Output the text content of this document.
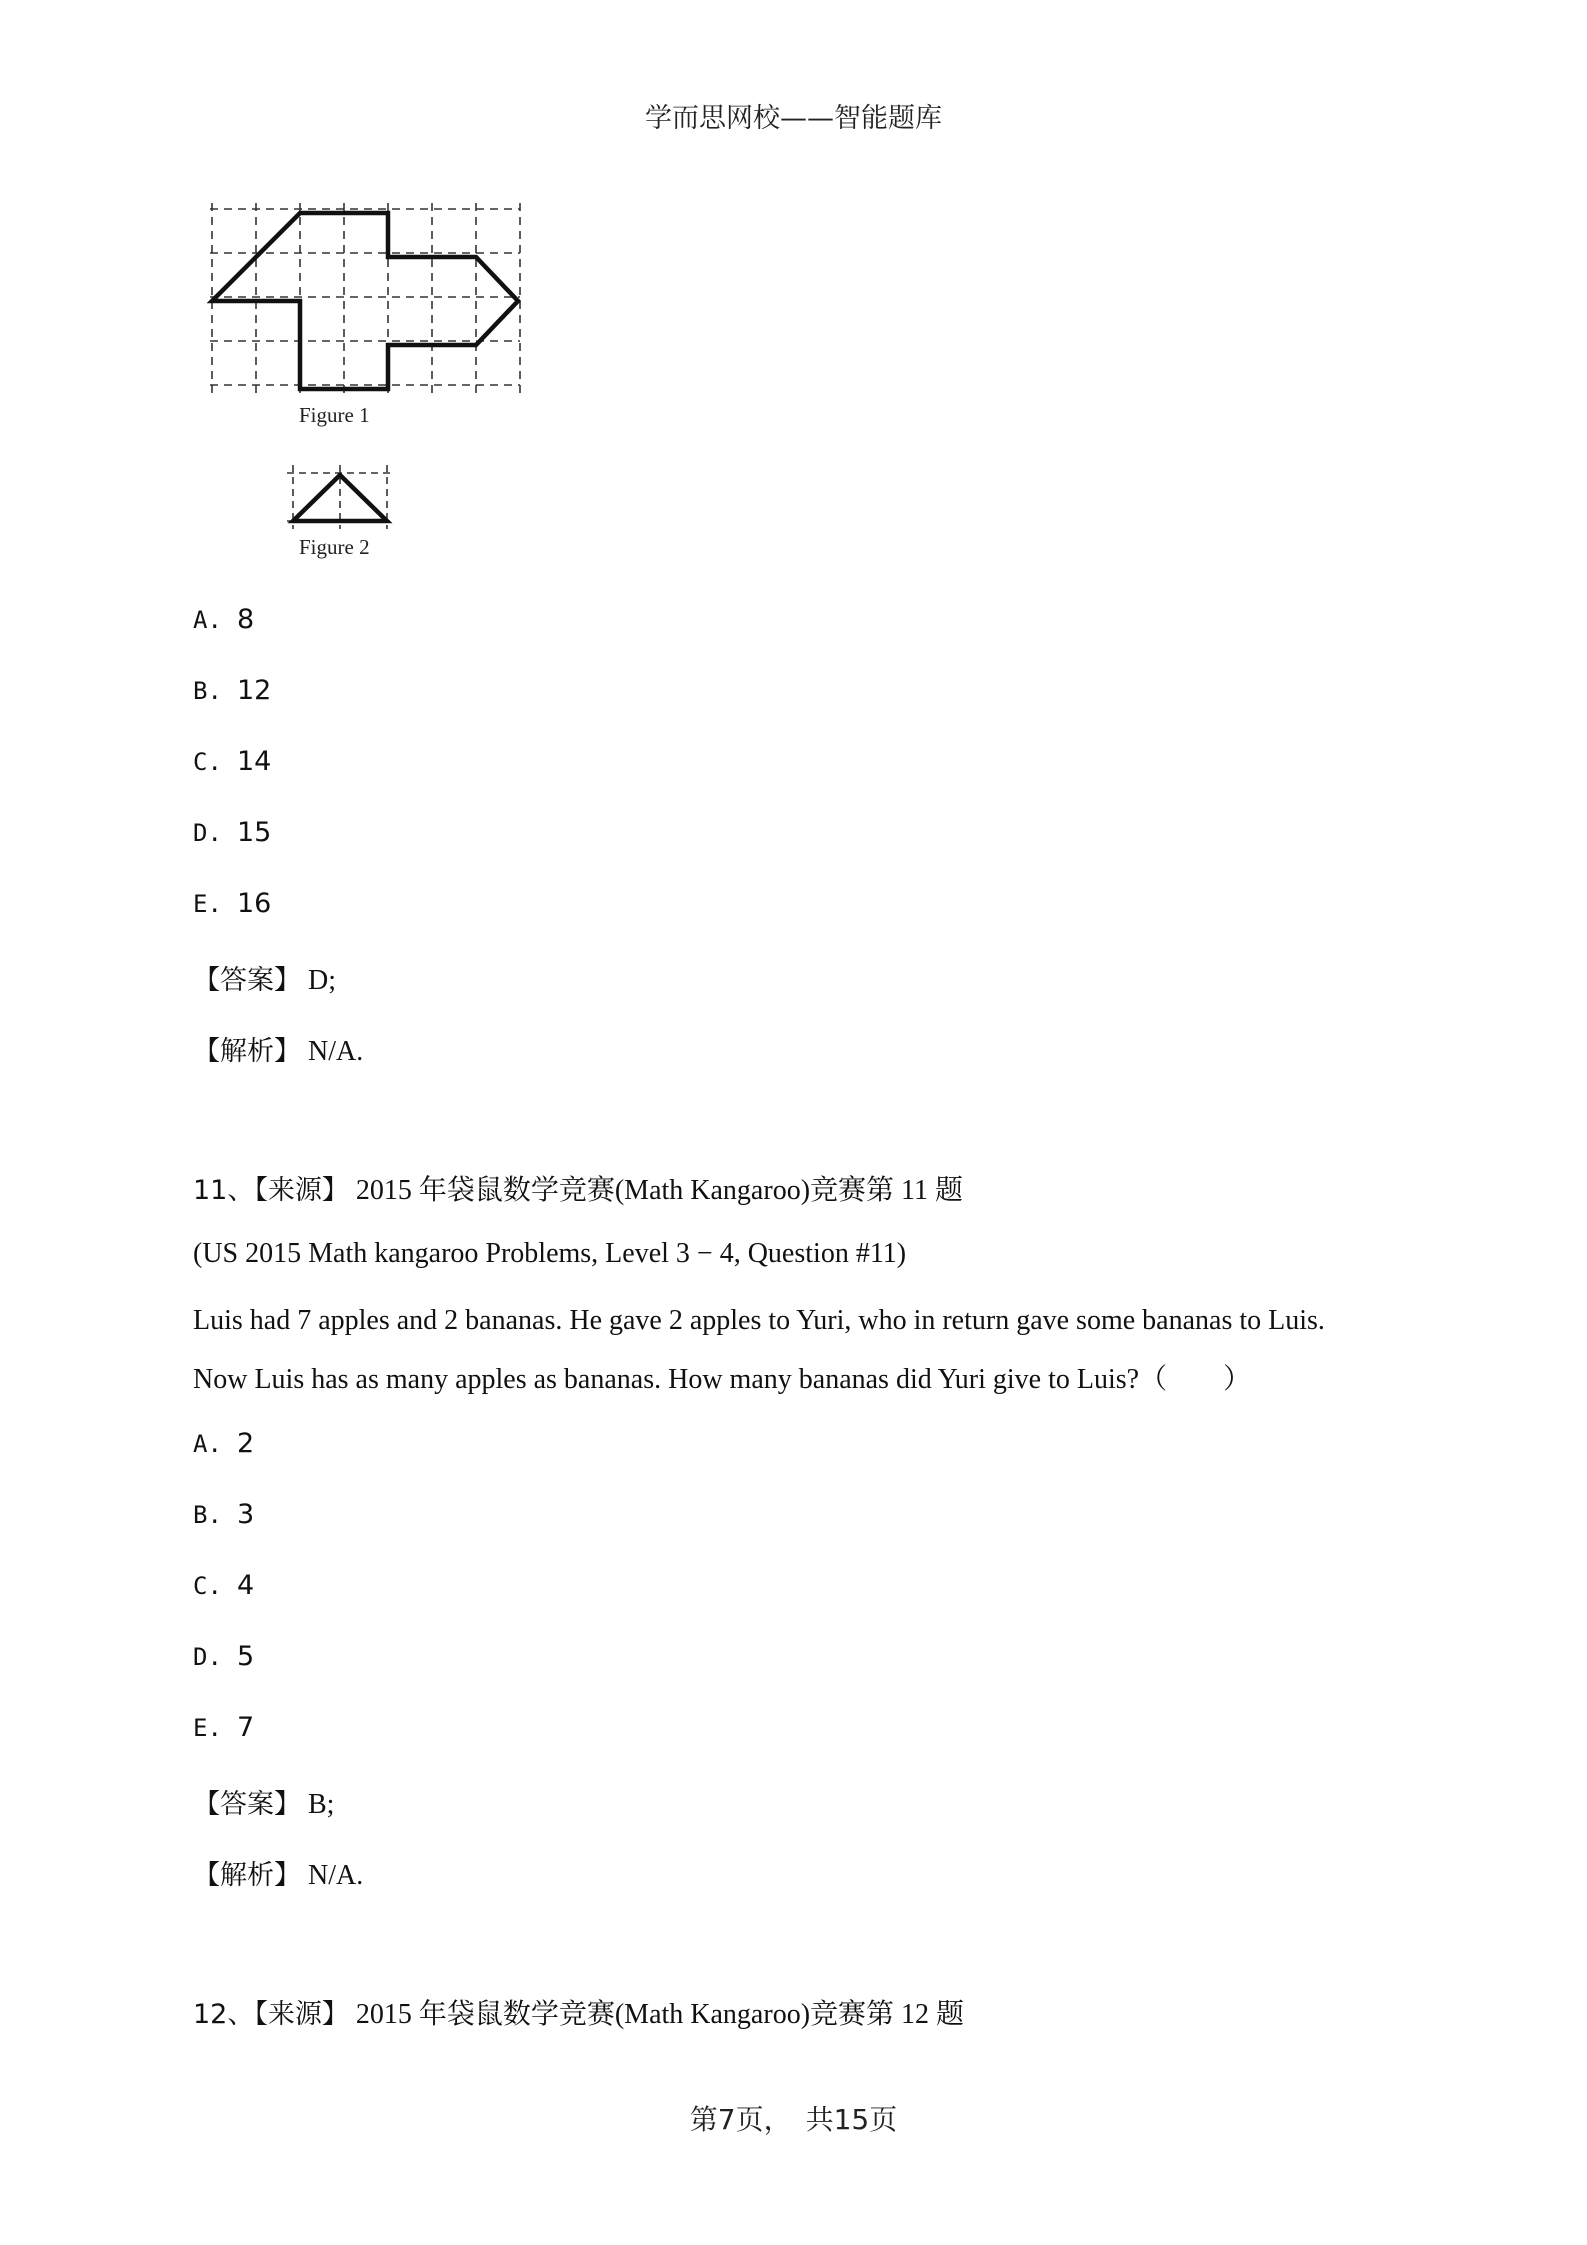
学而思网校——智能题库
Figure 1
Figure 2
A. 8
B. 12
C. 14
D. 15
E. 16
【答案】 D;
【解析】 N/A.
11、【来源】 2015 年袋鼠数学竞赛(Math Kangaroo)竞赛第 11 题
(US 2015 Math kangaroo Problems, Level 3 − 4, Question #11)
Luis had 7 apples and 2 bananas. He gave 2 apples to Yuri, who in return gave some bananas to Luis.
Now Luis has as many apples as bananas. How many bananas did Yuri give to Luis?（　　）
A. 2
B. 3
C. 4
D. 5
E. 7
【答案】 B;
【解析】 N/A.
12、【来源】 2015 年袋鼠数学竞赛(Math Kangaroo)竞赛第 12 题
第7页，　共15页
